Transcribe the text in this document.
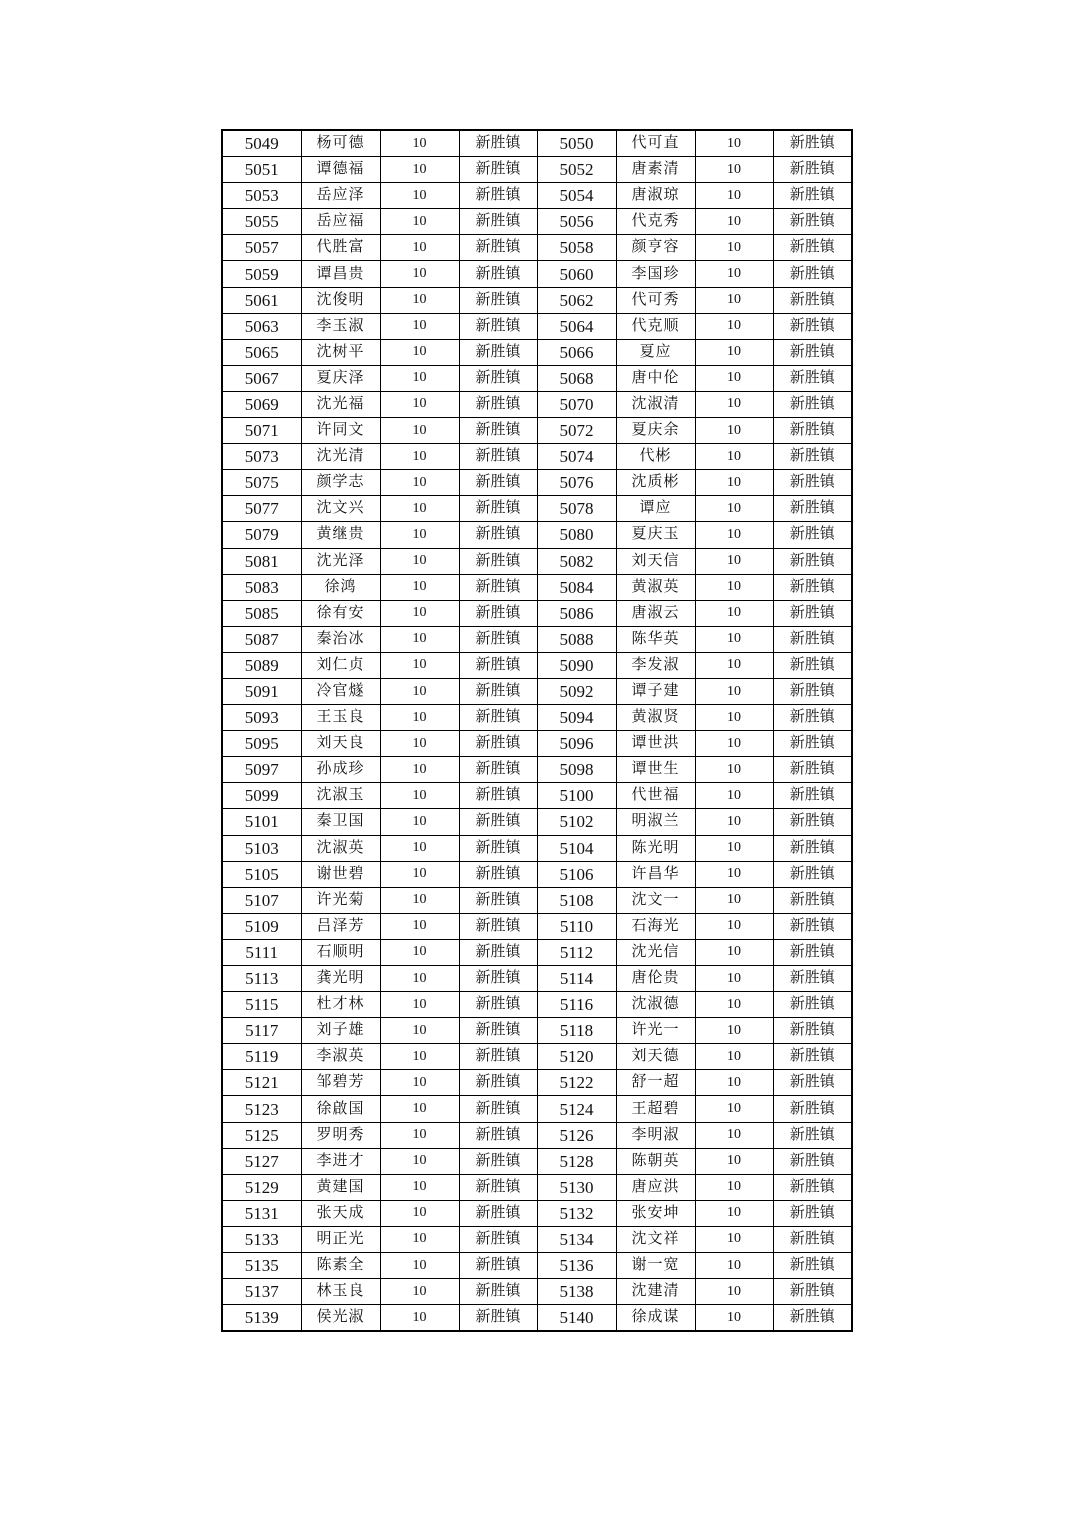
5049	杨可德	10	新胜镇	5050	代可直	10	新胜镇
5051	谭德福	10	新胜镇	5052	唐素清	10	新胜镇
5053	岳应泽	10	新胜镇	5054	唐淑琼	10	新胜镇
5055	岳应福	10	新胜镇	5056	代克秀	10	新胜镇
5057	代胜富	10	新胜镇	5058	颜亨容	10	新胜镇
5059	谭昌贵	10	新胜镇	5060	李国珍	10	新胜镇
5061	沈俊明	10	新胜镇	5062	代可秀	10	新胜镇
5063	李玉淑	10	新胜镇	5064	代克顺	10	新胜镇
5065	沈树平	10	新胜镇	5066	夏应	10	新胜镇
5067	夏庆泽	10	新胜镇	5068	唐中伦	10	新胜镇
5069	沈光福	10	新胜镇	5070	沈淑清	10	新胜镇
5071	许同文	10	新胜镇	5072	夏庆余	10	新胜镇
5073	沈光清	10	新胜镇	5074	代彬	10	新胜镇
5075	颜学志	10	新胜镇	5076	沈质彬	10	新胜镇
5077	沈文兴	10	新胜镇	5078	谭应	10	新胜镇
5079	黄继贵	10	新胜镇	5080	夏庆玉	10	新胜镇
5081	沈光泽	10	新胜镇	5082	刘天信	10	新胜镇
5083	徐鸿	10	新胜镇	5084	黄淑英	10	新胜镇
5085	徐有安	10	新胜镇	5086	唐淑云	10	新胜镇
5087	秦治冰	10	新胜镇	5088	陈华英	10	新胜镇
5089	刘仁贞	10	新胜镇	5090	李发淑	10	新胜镇
5091	冷官燧	10	新胜镇	5092	谭子建	10	新胜镇
5093	王玉良	10	新胜镇	5094	黄淑贤	10	新胜镇
5095	刘天良	10	新胜镇	5096	谭世洪	10	新胜镇
5097	孙成珍	10	新胜镇	5098	谭世生	10	新胜镇
5099	沈淑玉	10	新胜镇	5100	代世福	10	新胜镇
5101	秦卫国	10	新胜镇	5102	明淑兰	10	新胜镇
5103	沈淑英	10	新胜镇	5104	陈光明	10	新胜镇
5105	谢世碧	10	新胜镇	5106	许昌华	10	新胜镇
5107	许光菊	10	新胜镇	5108	沈文一	10	新胜镇
5109	吕泽芳	10	新胜镇	5110	石海光	10	新胜镇
5111	石顺明	10	新胜镇	5112	沈光信	10	新胜镇
5113	龚光明	10	新胜镇	5114	唐伦贵	10	新胜镇
5115	杜才林	10	新胜镇	5116	沈淑德	10	新胜镇
5117	刘子雄	10	新胜镇	5118	许光一	10	新胜镇
5119	李淑英	10	新胜镇	5120	刘天德	10	新胜镇
5121	邹碧芳	10	新胜镇	5122	舒一超	10	新胜镇
5123	徐啟国	10	新胜镇	5124	王超碧	10	新胜镇
5125	罗明秀	10	新胜镇	5126	李明淑	10	新胜镇
5127	李进才	10	新胜镇	5128	陈朝英	10	新胜镇
5129	黄建国	10	新胜镇	5130	唐应洪	10	新胜镇
5131	张天成	10	新胜镇	5132	张安坤	10	新胜镇
5133	明正光	10	新胜镇	5134	沈文祥	10	新胜镇
5135	陈素全	10	新胜镇	5136	谢一宽	10	新胜镇
5137	林玉良	10	新胜镇	5138	沈建清	10	新胜镇
5139	侯光淑	10	新胜镇	5140	徐成谋	10	新胜镇
